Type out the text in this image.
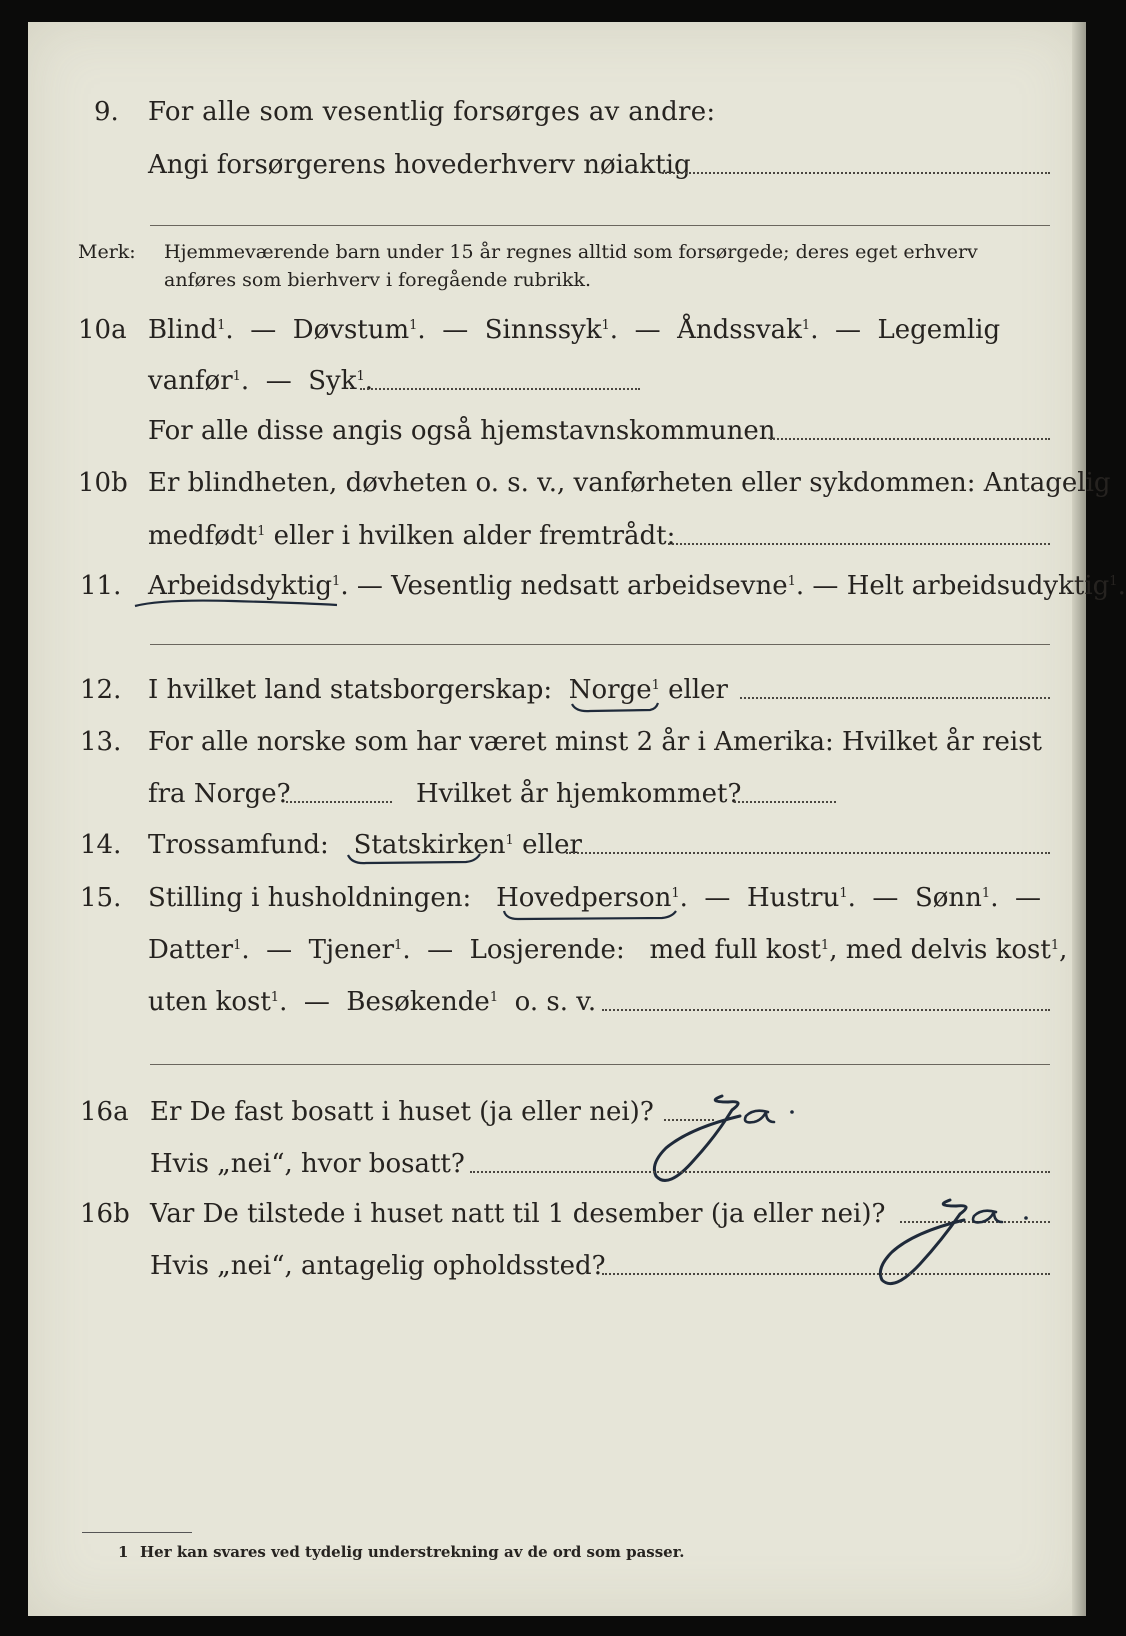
9. For alle som vesentlig forsørges av andre:
Angi forsørgerens hovederhverv nøiaktig
Merk: Hjemmeværende barn under 15 år regnes alltid som forsørgede; deres eget erhverv
anføres som bierhverv i foregående rubrikk.
10a Blind$^1$.  —  Døvstum$^1$.  —  Sinnssyk$^1$.  —  Åndssvak$^1$.  —  Legemlig
vanfør$^1$.  —  Syk$^1$.
For alle disse angis også hjemstavnskommunen
10b Er blindheten, døvheten o. s. v., vanførheten eller sykdommen: Antagelig
medfødt$^1$ eller i hvilken alder fremtrådt:
11. Arbeidsdyktig$^1$. — Vesentlig nedsatt arbeidsevne$^1$. — Helt arbeidsudyktig$^1$.
12. I hvilket land statsborgerskap: Norge$^1$ eller
13. For alle norske som har været minst 2 år i Amerika: Hvilket år reist
fra Norge?	Hvilket år hjemkommet?
14. Trossamfund: Statskirken$^1$ eller
15. Stilling i husholdningen: Hovedperson$^1$.  —  Hustru$^1$.  —  Sønn$^1$.  —
Datter$^1$.  —  Tjener$^1$.  —  Losjerende: med full kost$^1$, med delvis kost$^1$,
uten kost$^1$.  —  Besøkende$^1$ o. s. v.
16a Er De fast bosatt i huset (ja eller nei)?
Hvis „nei“, hvor bosatt?
16b Var De tilstede i huset natt til 1 desember (ja eller nei)?
Hvis „nei“, antagelig opholdssted?
1 Her kan svares ved tydelig understrekning av de ord som passer.
